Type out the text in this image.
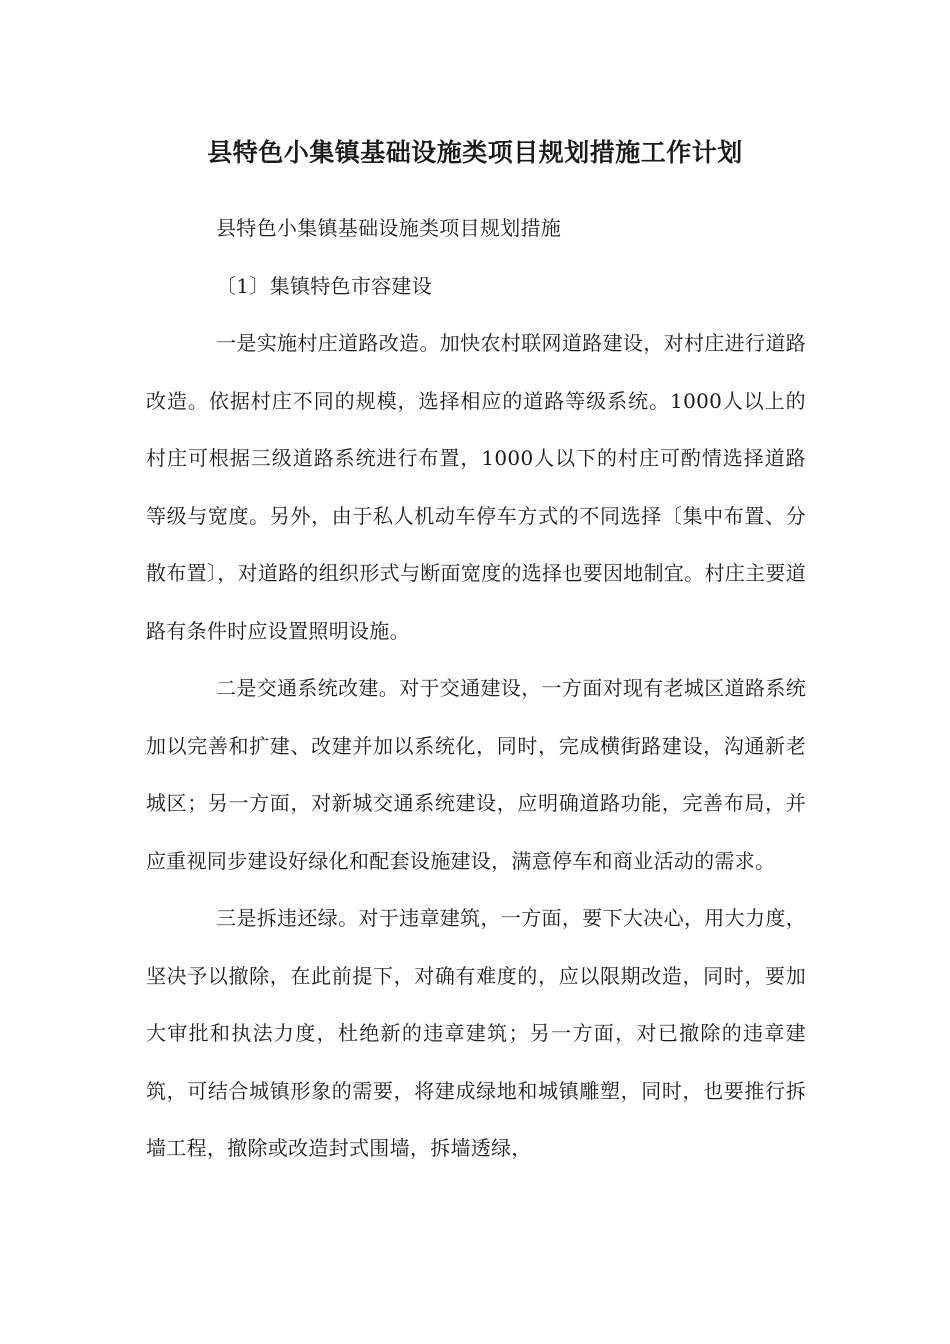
县特色小集镇基础设施类项目规划措施工作计划

县特色小集镇基础设施类项目规划措施

〔1〕集镇特色市容建设

一是实施村庄道路改造。加快农村联网道路建设，对村庄进行道路改造。依据村庄不同的规模，选择相应的道路等级系统。1000人以上的村庄可根据三级道路系统进行布置，1000人以下的村庄可酌情选择道路等级与宽度。另外，由于私人机动车停车方式的不同选择〔集中布置、分散布置〕，对道路的组织形式与断面宽度的选择也要因地制宜。村庄主要道路有条件时应设置照明设施。

二是交通系统改建。对于交通建设，一方面对现有老城区道路系统加以完善和扩建、改建并加以系统化，同时，完成横街路建设，沟通新老城区；另一方面，对新城交通系统建设，应明确道路功能，完善布局，并应重视同步建设好绿化和配套设施建设，满意停车和商业活动的需求。

三是拆违还绿。对于违章建筑，一方面，要下大决心，用大力度，坚决予以撤除，在此前提下，对确有难度的，应以限期改造，同时，要加大审批和执法力度，杜绝新的违章建筑；另一方面，对已撤除的违章建筑，可结合城镇形象的需要，将建成绿地和城镇雕塑，同时，也要推行拆墙工程，撤除或改造封式围墙，拆墙透绿，
